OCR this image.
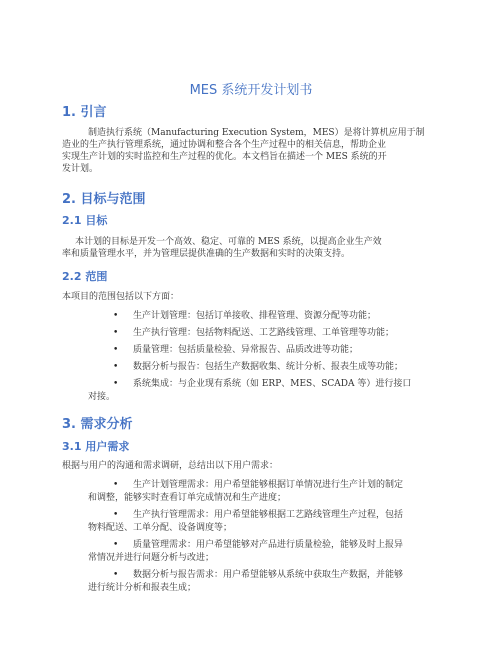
MES 系统开发计划书
1. 引言
制造执行系统（Manufacturing Execution System，MES）是将计算机应用于制
造业的生产执行管理系统，通过协调和整合各个生产过程中的相关信息，帮助企业
实现生产计划的实时监控和生产过程的优化。本文档旨在描述一个 MES 系统的开
发计划。
2. 目标与范围
2.1 目标
本计划的目标是开发一个高效、稳定、可靠的 MES 系统，以提高企业生产效
率和质量管理水平，并为管理层提供准确的生产数据和实时的决策支持。
2.2 范围
本项目的范围包括以下方面：
• 生产计划管理：包括订单接收、排程管理、资源分配等功能；
• 生产执行管理：包括物料配送、工艺路线管理、工单管理等功能；
• 质量管理：包括质量检验、异常报告、品质改进等功能；
• 数据分析与报告：包括生产数据收集、统计分析、报表生成等功能；
• 系统集成：与企业现有系统（如 ERP、MES、SCADA 等）进行接口
对接。
3. 需求分析
3.1 用户需求
根据与用户的沟通和需求调研，总结出以下用户需求：
• 生产计划管理需求：用户希望能够根据订单情况进行生产计划的制定
和调整，能够实时查看订单完成情况和生产进度；
• 生产执行管理需求：用户希望能够根据工艺路线管理生产过程，包括
物料配送、工单分配、设备调度等；
• 质量管理需求：用户希望能够对产品进行质量检验，能够及时上报异
常情况并进行问题分析与改进；
• 数据分析与报告需求：用户希望能够从系统中获取生产数据，并能够
进行统计分析和报表生成；
